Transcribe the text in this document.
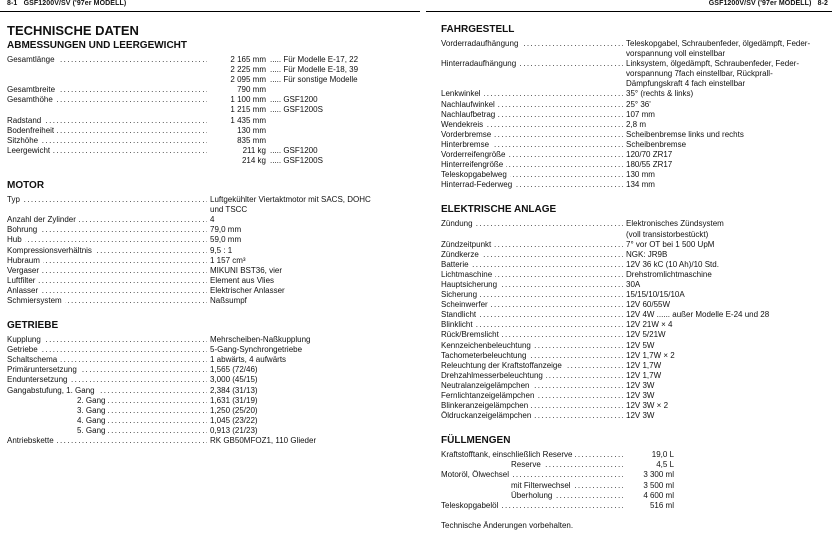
8-1 GSF1200V/SV ('97er MODELL)	GSF1200V/SV ('97er MODELL) 8-2
TECHNISCHE DATEN
ABMESSUNGEN UND LEERGEWICHT
Gesamtlänge . . .	2 165 mm ..... Für Modelle E-17, 22
2 225 mm ..... Für Modelle E-18, 39
2 095 mm ..... Für sonstige Modelle
Gesamtbreite . . .	790 mm
Gesamthöhe . . .	1 100 mm ..... GSF1200
1 215 mm ..... GSF1200S
Radstand . . .	1 435 mm
Bodenfreiheit . . .	130 mm
Sitzhöhe . . .	835 mm
Leergewicht . . .	211 kg ..... GSF1200
214 kg ..... GSF1200S
MOTOR
Typ . . .	Luftgekühlter Viertaktmotor mit SACS, DOHC
und TSCC
Anzahl der Zylinder . . .	4
Bohrung . . .	79,0 mm
Hub . . .	59,0 mm
Kompressionsverhältnis . . .	9,5 : 1
Hubraum . . .	1 157 cm³
Vergaser . . .	MIKUNI BST36, vier
Luftfilter . . .	Element aus Vlies
Anlasser . . .	Elektrischer Anlasser
Schmiersystem . . .	Naßsumpf
GETRIEBE
Kupplung . . .	Mehrscheiben-Naßkupplung
Getriebe . . .	5-Gang-Synchrongetriebe
Schaltschema . . .	1 abwärts, 4 aufwärts
Primäruntersetzung . . .	1,565 (72/46)
Enduntersetzung . . .	3,000 (45/15)
Gangabstufung, 1. Gang . . .	2,384 (31/13)
2. Gang . . .	1,631 (31/19)
3. Gang . . .	1,250 (25/20)
4. Gang . . .	1,045 (23/22)
5. Gang . . .	0,913 (21/23)
Antriebskette . . .	RK GB50MFOZ1, 110 Glieder
FAHRGESTELL
Vorderradaufhängung . . .	Teleskopgabel, Schraubenfeder, ölgedämpft, Feder-
vorspannung voll einstellbar
Hinterradaufhängung . . .	Linksystem, ölgedämpft, Schraubenfeder, Feder-
vorspannung 7fach einstellbar, Rückprall-
Dämpfungskraft 4 fach einstellbar
Lenkwinkel . . .	35° (rechts & links)
Nachlaufwinkel . . .	25° 36'
Nachlaufbetrag . . .	107 mm
Wendekreis . . .	2,8 m
Vorderbremse . . .	Scheibenbremse links und rechts
Hinterbremse . . .	Scheibenbremse
Vorderreifengröße . . .	120/70 ZR17
Hinterreifengröße . . .	180/55 ZR17
Teleskopgabelweg . . .	130 mm
Hinterrad-Federweg . . .	134 mm
ELEKTRISCHE ANLAGE
Zündung . . .	Elektronisches Zündsystem
(voll transistorbestückt)
Zündzeitpunkt . . .	7° vor OT bei 1 500 UpM
Zündkerze . . .	NGK: JR9B
Batterie . . .	12V 36 kC (10 Ah)/10 Std.
Lichtmaschine . . .	Drehstromlichtmaschine
Hauptsicherung . . .	30A
Sicherung . . .	15/15/10/15/10A
Scheinwerfer . . .	12V 60/55W
Standlicht . . .	12V 4W ...... außer Modelle E-24 und 28
Blinklicht . . .	12V 21W × 4
Rück/Bremslicht . . .	12V 5/21W
Kennzeichenbeleuchtung . . .	12V 5W
Tachometerbeleuchtung . . .	12V 1,7W × 2
Releuchtung der Kraftstoffanzeige . . .	12V 1,7W
Drehzahlmesserbeleuchtung . . .	12V 1,7W
Neutralanzeigelämpchen . . .	12V 3W
Fernlichtanzeigelämpchen . . .	12V 3W
Blinkeranzeigelämpchen . . .	12V 3W × 2
Öldruckanzeigelämpchen . . .	12V 3W
FÜLLMENGEN
Kraftstofftank, einschließlich Reserve . . .	19,0 L
Reserve . . .	4,5 L
Motoröl, Ölwechsel . . .	3 300 ml
mit Filterwechsel . . .	3 500 ml
Überholung . . .	4 600 ml
Teleskopgabelöl . . .	516 ml
Technische Änderungen vorbehalten.
